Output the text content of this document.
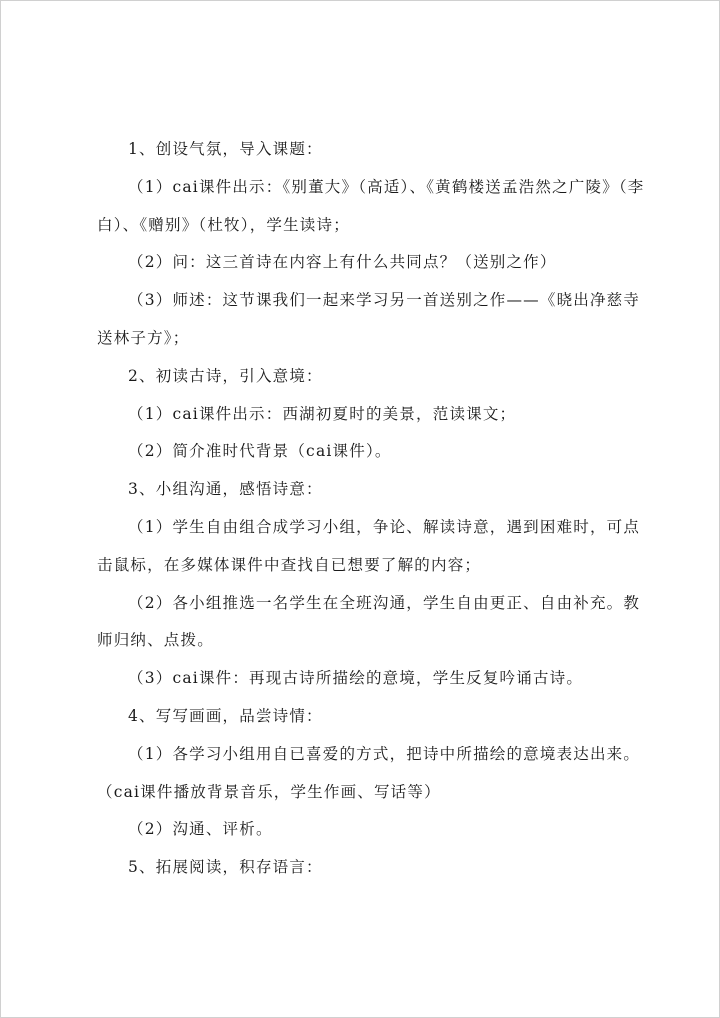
1、创设气氛，导入课题：

（1）cai课件出示：《别董大》（高适）、《黄鹤楼送孟浩然之广陵》（李白）、《赠别》（杜牧），学生读诗；

（2）问：这三首诗在内容上有什么共同点？（送别之作）

（3）师述：这节课我们一起来学习另一首送别之作——《晓出净慈寺送林子方》；

2、初读古诗，引入意境：

（1）cai课件出示：西湖初夏时的美景，范读课文；

（2）简介准时代背景（cai课件）。

3、小组沟通，感悟诗意：

（1）学生自由组合成学习小组，争论、解读诗意，遇到困难时，可点击鼠标，在多媒体课件中查找自已想要了解的内容；

（2）各小组推选一名学生在全班沟通，学生自由更正、自由补充。教师归纳、点拨。

（3）cai课件：再现古诗所描绘的意境，学生反复吟诵古诗。

4、写写画画，品尝诗情：

（1）各学习小组用自已喜爱的方式，把诗中所描绘的意境表达出来。（cai课件播放背景音乐，学生作画、写话等）

（2）沟通、评析。

5、拓展阅读，积存语言：
